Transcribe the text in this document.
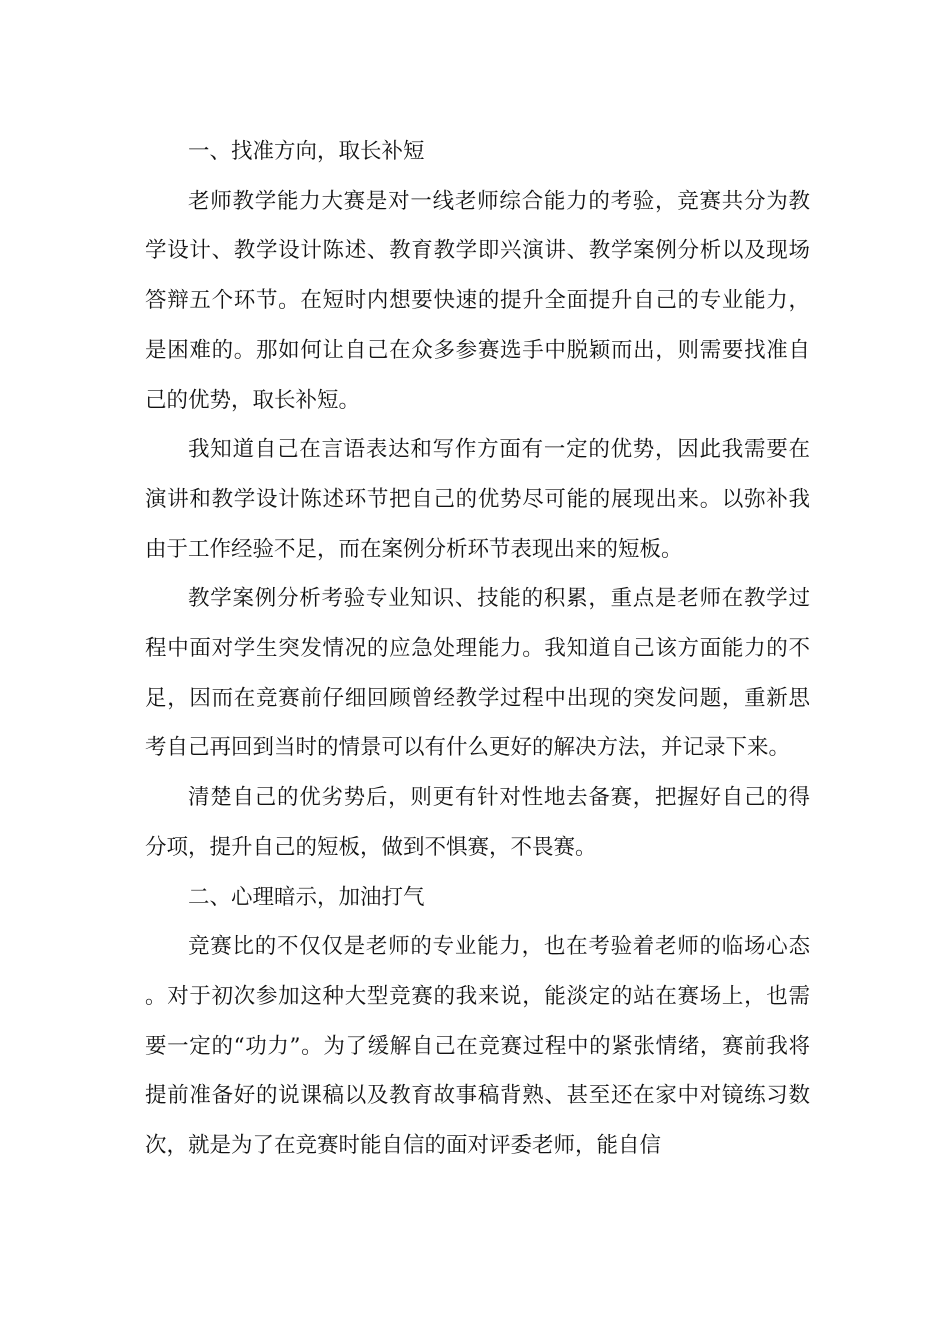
一、找准方向，取长补短

老师教学能力大赛是对一线老师综合能力的考验，竞赛共分为教学设计、教学设计陈述、教育教学即兴演讲、教学案例分析以及现场答辩五个环节。在短时内想要快速的提升全面提升自己的专业能力，是困难的。那如何让自己在众多参赛选手中脱颖而出，则需要找准自己的优势，取长补短。

我知道自己在言语表达和写作方面有一定的优势，因此我需要在演讲和教学设计陈述环节把自己的优势尽可能的展现出来。以弥补我由于工作经验不足，而在案例分析环节表现出来的短板。

教学案例分析考验专业知识、技能的积累，重点是老师在教学过程中面对学生突发情况的应急处理能力。我知道自己该方面能力的不足，因而在竞赛前仔细回顾曾经教学过程中出现的突发问题，重新思考自己再回到当时的情景可以有什么更好的解决方法，并记录下来。

清楚自己的优劣势后，则更有针对性地去备赛，把握好自己的得分项，提升自己的短板，做到不惧赛，不畏赛。

二、心理暗示，加油打气

竞赛比的不仅仅是老师的专业能力，也在考验着老师的临场心态。对于初次参加这种大型竞赛的我来说，能淡定的站在赛场上，也需要一定的“功力”。为了缓解自己在竞赛过程中的紧张情绪，赛前我将提前准备好的说课稿以及教育故事稿背熟、甚至还在家中对镜练习数次，就是为了在竞赛时能自信的面对评委老师，能自信
